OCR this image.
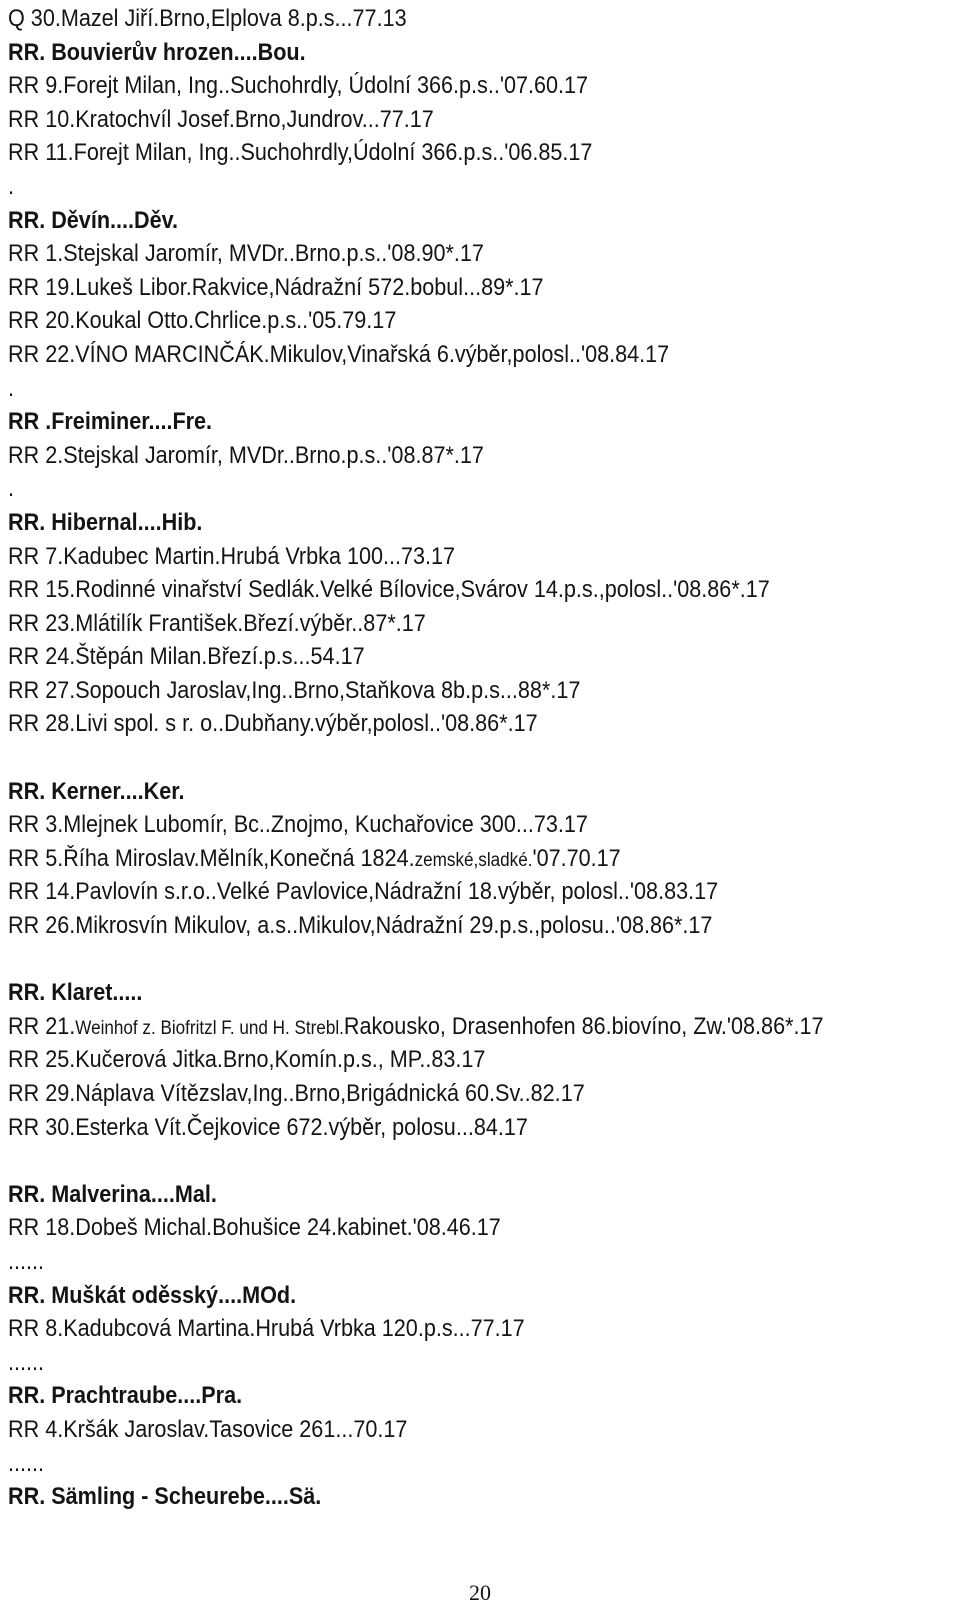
Q 30.Mazel Jiří.Brno,Elplova 8.p.s...77.13
RR. Bouvierův hrozen....Bou.
RR 9.Forejt Milan, Ing..Suchohrdly, Údolní 366.p.s..'07.60.17
RR 10.Kratochvíl Josef.Brno,Jundrov...77.17
RR 11.Forejt Milan, Ing..Suchohrdly,Údolní 366.p.s..'06.85.17
.
RR. Děvín....Děv.
RR 1.Stejskal Jaromír, MVDr..Brno.p.s..'08.90*.17
RR 19.Lukeš Libor.Rakvice,Nádražní 572.bobul...89*.17
RR 20.Koukal Otto.Chrlice.p.s..'05.79.17
RR 22.VÍNO MARCINČÁK.Mikulov,Vinařská 6.výběr,polosl..'08.84.17
.
RR .Freiminer....Fre.
RR 2.Stejskal Jaromír, MVDr..Brno.p.s..'08.87*.17
.
RR. Hibernal....Hib.
RR 7.Kadubec Martin.Hrubá Vrbka 100...73.17
RR 15.Rodinné vinařství Sedlák.Velké Bílovice,Svárov 14.p.s.,polosl..'08.86*.17
RR 23.Mlátilík František.Březí.výběr..87*.17
RR 24.Štěpán Milan.Březí.p.s...54.17
RR 27.Sopouch Jaroslav,Ing..Brno,Staňkova 8b.p.s...88*.17
RR 28.Livi spol. s r. o..Dubňany.výběr,polosl..'08.86*.17
RR. Kerner....Ker.
RR 3.Mlejnek Lubomír, Bc..Znojmo, Kuchařovice 300...73.17
RR 5.Říha Miroslav.Mělník,Konečná 1824.zemské,sladké.'07.70.17
RR 14.Pavlovín s.r.o..Velké Pavlovice,Nádražní 18.výběr, polosl..'08.83.17
RR 26.Mikrosvín Mikulov, a.s..Mikulov,Nádražní 29.p.s.,polosu..'08.86*.17
RR. Klaret.....
RR 21.Weinhof z. Biofritzl F. und H. Strebl.Rakousko, Drasenhofen 86.biovíno, Zw.'08.86*.17
RR 25.Kučerová Jitka.Brno,Komín.p.s., MP..83.17
RR 29.Náplava Vítězslav,Ing..Brno,Brigádnická 60.Sv..82.17
RR 30.Esterka Vít.Čejkovice 672.výběr, polosu...84.17
RR. Malverina....Mal.
RR 18.Dobeš Michal.Bohušice 24.kabinet.'08.46.17
......
RR. Muškát oděsský....MOd.
RR 8.Kadubcová Martina.Hrubá Vrbka 120.p.s...77.17
......
RR. Prachtraube....Pra.
RR 4.Kršák Jaroslav.Tasovice 261...70.17
......
RR. Sämling - Scheurebe....Sä.
20
